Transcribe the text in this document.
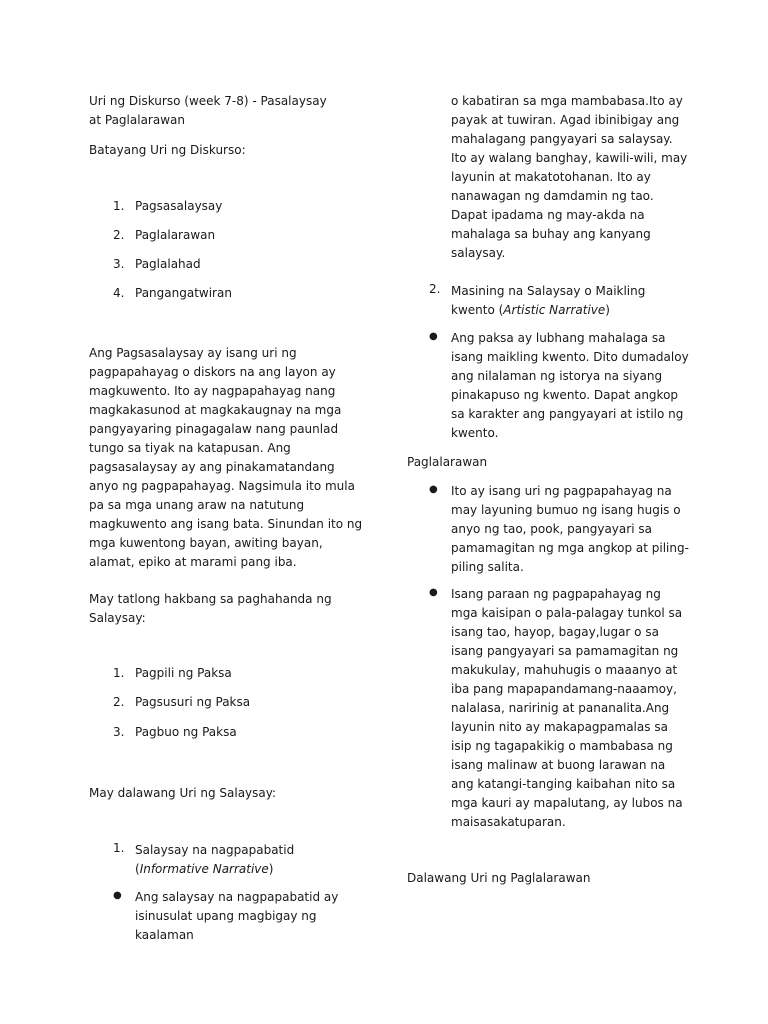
Uri ng Diskurso (week 7-8) - Pasalaysay at Paglalarawan

Batayang Uri ng Diskurso:

1. Pagsasalaysay
2. Paglalarawan
3. Paglalahad
4. Pangangatwiran

Ang Pagsasalaysay ay isang uri ng pagpapahayag o diskors na ang layon ay magkuwento. Ito ay nagpapahayag nang magkakasunod at magkakaugnay na mga pangyayaring pinagagalaw nang paunlad tungo sa tiyak na katapusan. Ang pagsasalaysay ay ang pinakamatandang anyo ng pagpapahayag. Nagsimula ito mula pa sa mga unang araw na natutung magkuwento ang isang bata. Sinundan ito ng mga kuwentong bayan, awiting bayan, alamat, epiko at marami pang iba.

May tatlong hakbang sa paghahanda ng Salaysay:

1. Pagpili ng Paksa
2. Pagsusuri ng Paksa
3. Pagbuo ng Paksa

May dalawang Uri ng Salaysay:

1. Salaysay na nagpapabatid (Informative Narrative)

● Ang salaysay na nagpapabatid ay isinusulat upang magbigay ng kaalaman

o kabatiran sa mga mambabasa.Ito ay payak at tuwiran. Agad ibinibigay ang mahalagang pangyayari sa salaysay. Ito ay walang banghay, kawili-wili, may layunin at makatotohanan. Ito ay nanawagan ng damdamin ng tao. Dapat ipadama ng may-akda na mahalaga sa buhay ang kanyang salaysay.

2. Masining na Salaysay o Maikling kwento (Artistic Narrative)

● Ang paksa ay lubhang mahalaga sa isang maikling kwento. Dito dumadaloy ang nilalaman ng istorya na siyang pinakapuso ng kwento. Dapat angkop sa karakter ang pangyayari at istilo ng kwento.

Paglalarawan

● Ito ay isang uri ng pagpapahayag na may layuning bumuo ng isang hugis o anyo ng tao, pook, pangyayari sa pamamagitan ng mga angkop at piling-piling salita.

● Isang paraan ng pagpapahayag ng mga kaisipan o pala-palagay tunkol sa isang tao, hayop, bagay,lugar o sa isang pangyayari sa pamamagitan ng makukulay, mahuhugis o maaanyo at iba pang mapapandamang-naaamoy, nalalasa, naririnig at pananalita.Ang layunin nito ay makapagpamalas sa isip ng tagapakikig o mambabasa ng isang malinaw at buong larawan na ang katangi-tanging kaibahan nito sa mga kauri ay mapalutang, ay lubos na maisasakatuparan.

Dalawang Uri ng Paglalarawan
